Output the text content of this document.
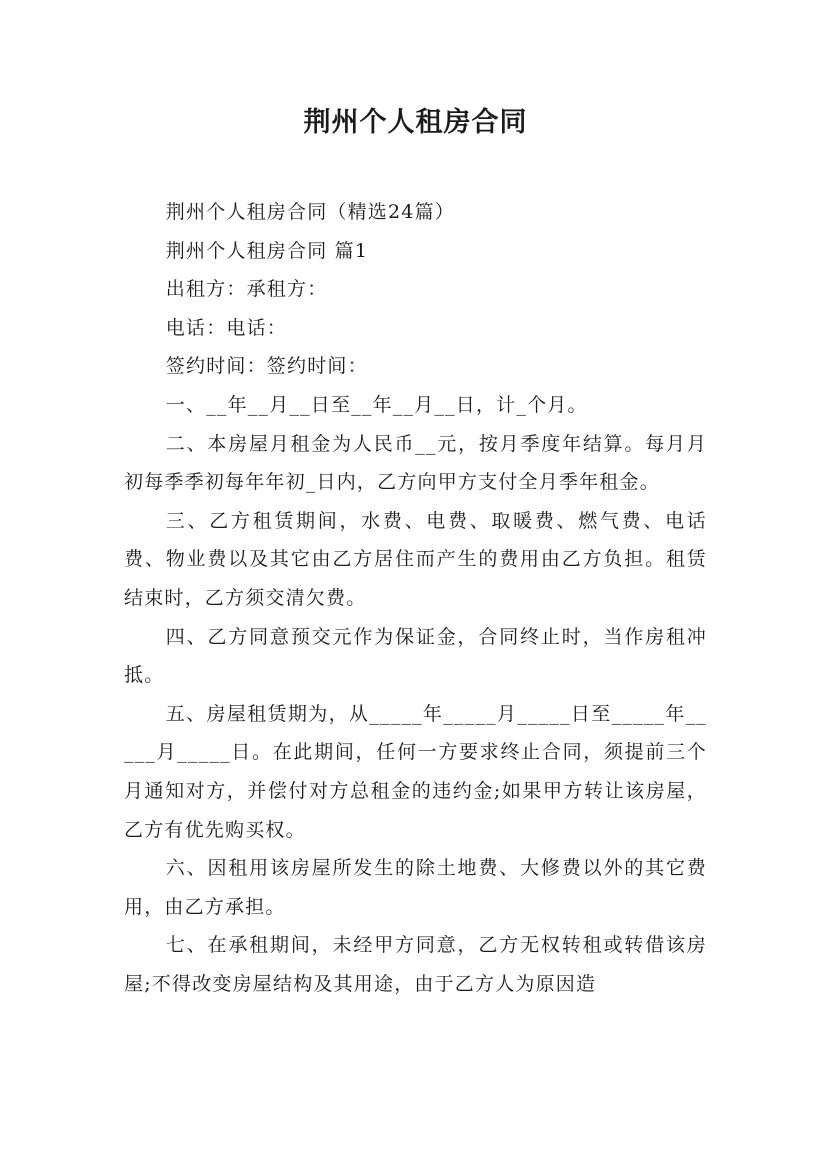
荆州个人租房合同

荆州个人租房合同（精选24篇）

荆州个人租房合同 篇1

出租方：承租方：

电话：电话：

签约时间：签约时间：

一、__年__月__日至__年__月__日，计_个月。

二、本房屋月租金为人民币__元，按月季度年结算。每月月初每季季初每年年初_日内，乙方向甲方支付全月季年租金。

三、乙方租赁期间，水费、电费、取暖费、燃气费、电话费、物业费以及其它由乙方居住而产生的费用由乙方负担。租赁结束时，乙方须交清欠费。

四、乙方同意预交元作为保证金，合同终止时，当作房租冲抵。

五、房屋租赁期为，从_____年_____月_____日至_____年_____月_____日。在此期间，任何一方要求终止合同，须提前三个月通知对方，并偿付对方总租金的违约金;如果甲方转让该房屋，乙方有优先购买权。

六、因租用该房屋所发生的除土地费、大修费以外的其它费用，由乙方承担。

七、在承租期间，未经甲方同意，乙方无权转租或转借该房屋;不得改变房屋结构及其用途，由于乙方人为原因造
